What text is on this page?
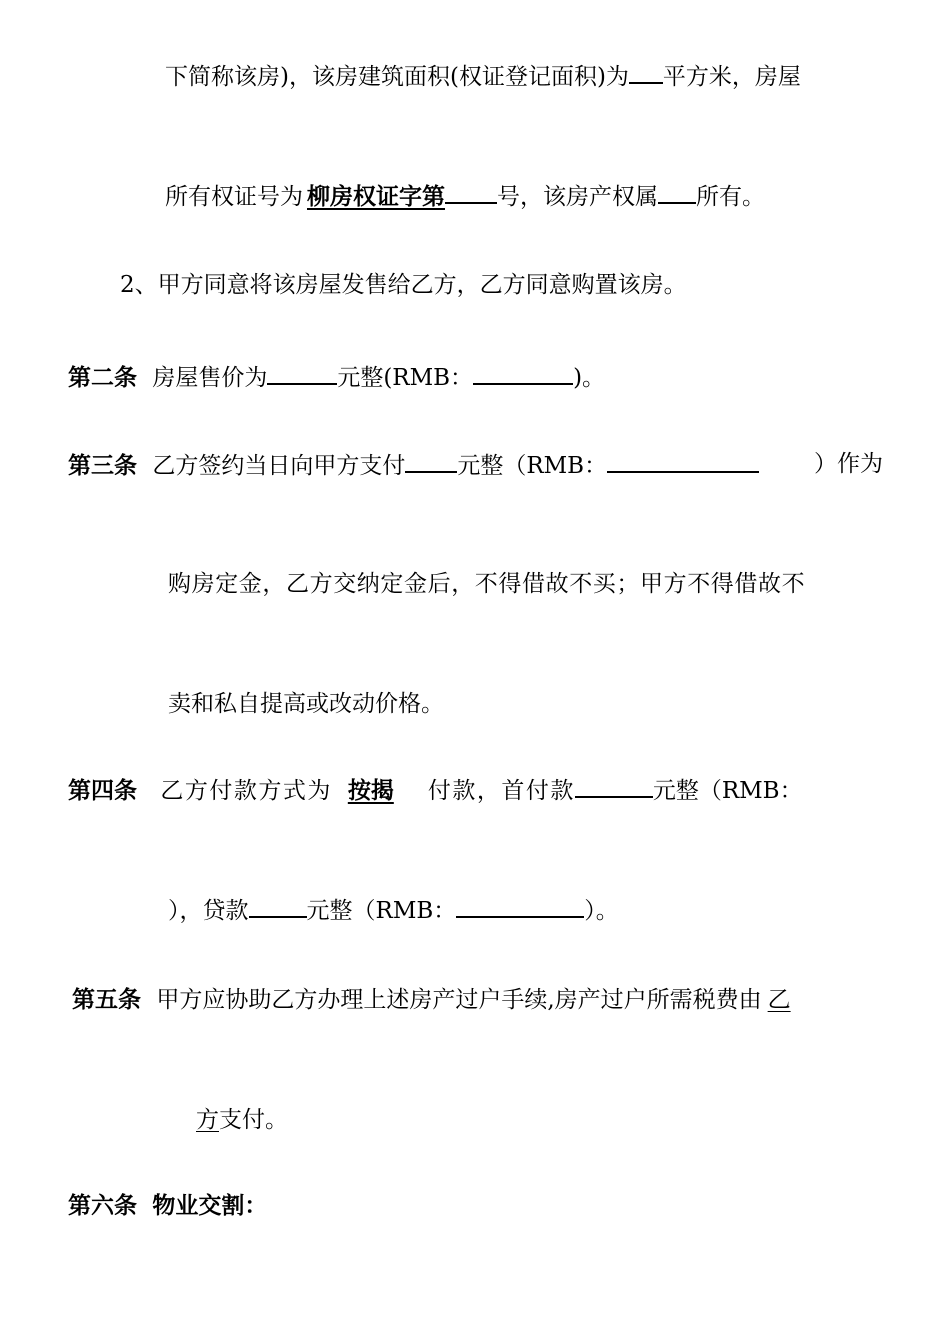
下简称该房)，该房建筑面积(权证登记面积)为 平方米，房屋
所有权证号为 柳房权证字第 号，该房产权属 所有。
2、甲方同意将该房屋发售给乙方，乙方同意购置该房。
第二条 房屋售价为	元整(RMB：	)。
第三条 乙方签约当日向甲方支付 元整（RMB：	）作为
购房定金，乙方交纳定金后，不得借故不买；甲方不得借故不
卖和私自提高或改动价格。
第四条 乙方付款方式为 按揭 付款，首付款	元整（RMB：
），贷款	元整（RMB：	）。
第五条 甲方应协助乙方办理上述房产过户手续,房产过户所需税费由 乙
方支付。
第六条 物业交割：
